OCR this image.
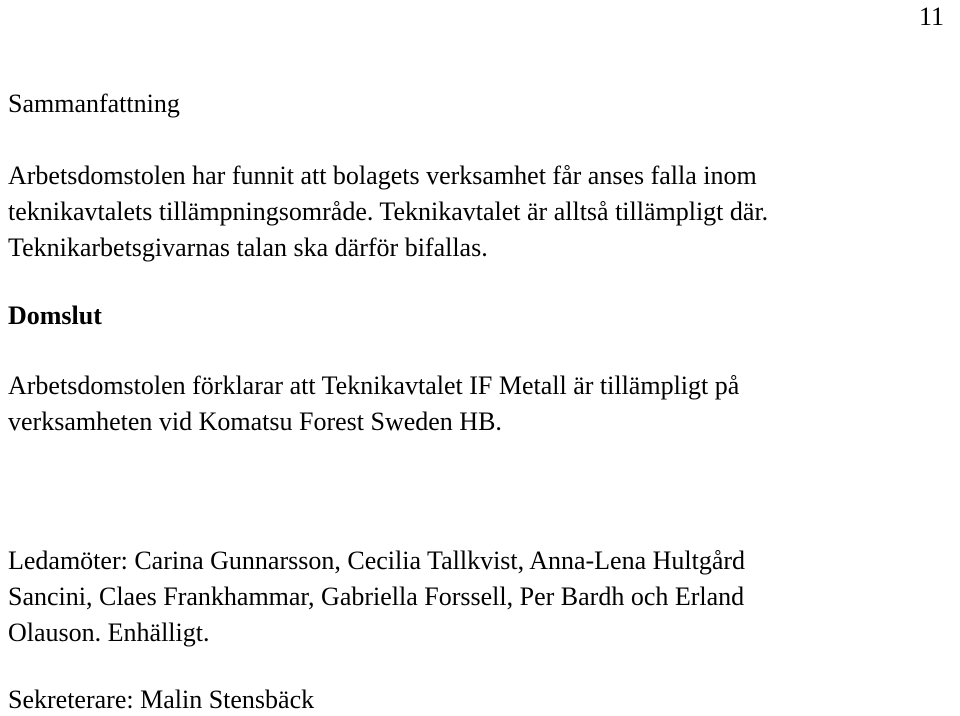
11
Sammanfattning
Arbetsdomstolen har funnit att bolagets verksamhet får anses falla inom
teknikavtalets tillämpningsområde. Teknikavtalet är alltså tillämpligt där.
Teknikarbetsgivarnas talan ska därför bifallas.
Domslut
Arbetsdomstolen förklarar att Teknikavtalet IF Metall är tillämpligt på
verksamheten vid Komatsu Forest Sweden HB.
Ledamöter: Carina Gunnarsson, Cecilia Tallkvist, Anna-Lena Hultgård
Sancini, Claes Frankhammar, Gabriella Forssell, Per Bardh och Erland
Olauson. Enhälligt.
Sekreterare: Malin Stensbäck
